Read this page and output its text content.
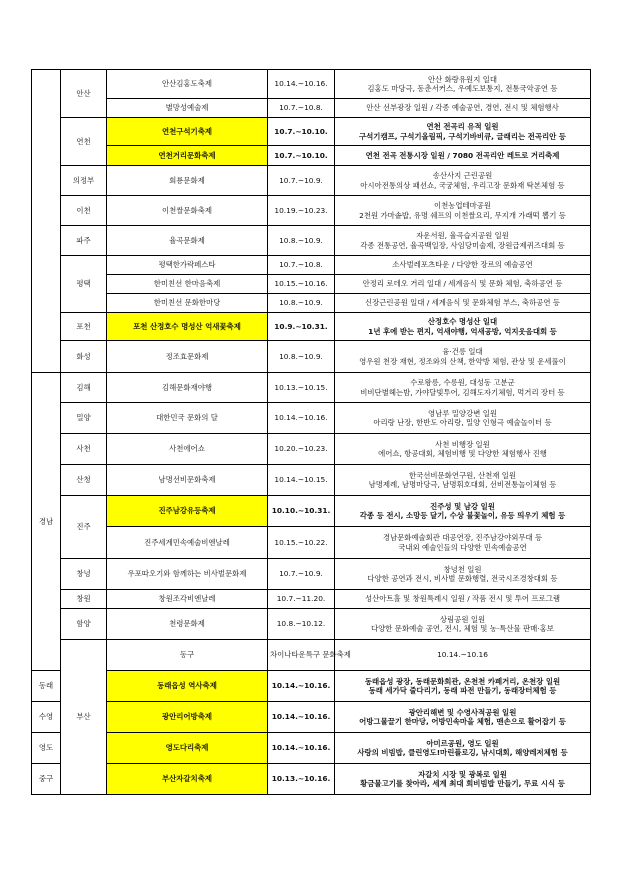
	안산	안산김홍도축제	10.14.~10.16.	안산 화랑유원지 일대
김홍도 마당극, 동춘서커스, 우예도보통지, 전통국악공연 등	
		별망성예술제	10.7.~10.8.	안산 선부광장 일원 / 각종 예술공연, 경연, 전시 및 체험행사	
	연천	연천구석기축제	10.7.~10.10.	연천 전곡리 유적 일원
구석기캠프, 구석기올림픽, 구석기바비큐, 글래리는 전곡리안 등	
		연천거리문화축제	10.7.~10.10.	연천 전곡 전통시장 일원 / 7080 전곡리안 레트로 거리축제	
	의정부	회룡문화제	10.7.~10.9.	송산사지 근린공원
아시아전통의상 패션쇼, 국궁체험, 우리고장 문화재 탁본체험 등	
	이천	이천쌀문화축제	10.19.~10.23.	이천농업테마공원
2천원 가마솥밥, 유명 쉐프의 이천쌀요리, 무지개 가래떡 뽑기 등	
	파주	율곡문화제	10.8.~10.9.	자운서원, 율곡습지공원 일원
각종 전통공연, 율곡백일장, 사임당미술제, 장원급제퀴즈대회 등	
	평택	평택한가락페스타	10.7.~10.8.	소사벌레포츠타운 / 다양한 장르의 예술공연	
		한미친선 한마음축제	10.15.~10.16.	안정리 로데오 거리 일대 / 세계음식 및 문화 체험, 축하공연 등	
		한미친선 문화한마당	10.8.~10.9.	신장근린공원 일대 / 세계음식 및 문화체험 부스, 축하공연 등	
	포천	포천 산정호수 명성산 억새꽃축제	10.9.~10.31.	산정호수 명성산 일대
1년 후에 받는 편지, 억새야행, 억새공방, 억지웃음대회 등	
	화성	정조효문화제	10.8.~10.9.	융·건릉 일대
영우원 천장 재현, 정조와의 산책, 한약방 체험, 관상 및 운세풀이	
경남	김해	김해문화재야행	10.13.~10.15.	수로왕릉, 수릉원, 대성동 고분군
비비단별헤는밤, 가야달빛투어, 김해도자기체험, 먹거리 장터 등	
	밀양	대한민국 문화의 달	10.14.~10.16.	영남루 밀양강변 일원
아리랑 난장, 한반도 아리랑, 밀양 인형극 예술놀이터 등	
	사천	사천에어쇼	10.20.~10.23.	사천 비행장 일원
에어쇼, 항공대회, 체험비행 및 다양한 체험행사 진행	
	산청	남명선비문화축제	10.14.~10.15.	한국선비문화연구원, 산천재 일원
남명제례, 남명마당극, 남명휘호대회, 선비전통놀이체험 등	
	진주	진주남강유등축제	10.10.~10.31.	진주성 및 남강 일원
각종 등 전시, 소망등 달기, 수상 불꽃놀이, 유등 띄우기 체험 등	
		진주세계민속예술비엔날레	10.15.~10.22.	경남문화예술회관 대공연장, 진주남강야외무대 등
국내외 예술인들의 다양한 민속예술공연	
	창녕	우포따오기와 함께하는 비사벌문화제	10.7.~10.9.	창녕천 일원
다양한 공연과 전시, 비사벌 문화행렬, 전국시조경창대회 등	
	창원	창원조각비엔날레	10.7.~11.20.	성산아트홀 및 창원특례시 일원 / 작품 전시 및 투어 프로그램	
	함양	천령문화제	10.8.~10.12.	상림공원 일원
다양한 문화예술 공연, 전시, 체험 및 농·특산물 판매·홍보	
	부산	동구	차이나타운특구 문화축제	10.14.~10.16	

동래		동래읍성 역사축제	10.14.~10.16.	동래읍성 광장, 동래문화회관, 온천천 카페거리, 온천장 일원
동래 세가닥 줄다리기, 동래 파전 만들기, 동래장터체험 등	
수영		광안리어방축제	10.14.~10.16.	광안리해변 및 수영사적공원 일원
어방그물끌기 한마당, 어방민속마을 체험, 맨손으로 활어잡기 등	
영도		영도다리축제	10.14.~10.16.	아미르공원, 영도 일원
사랑의 비빔밥, 클린영도!마린플로깅, 낚시대회, 해양레저체험 등	
중구		부산자갈치축제	10.13.~10.16.	자갈치 시장 및 광복로 일원
황금물고기를 찾아라, 세계 최대 회비빔밥 만들기, 무료 시식 등	
